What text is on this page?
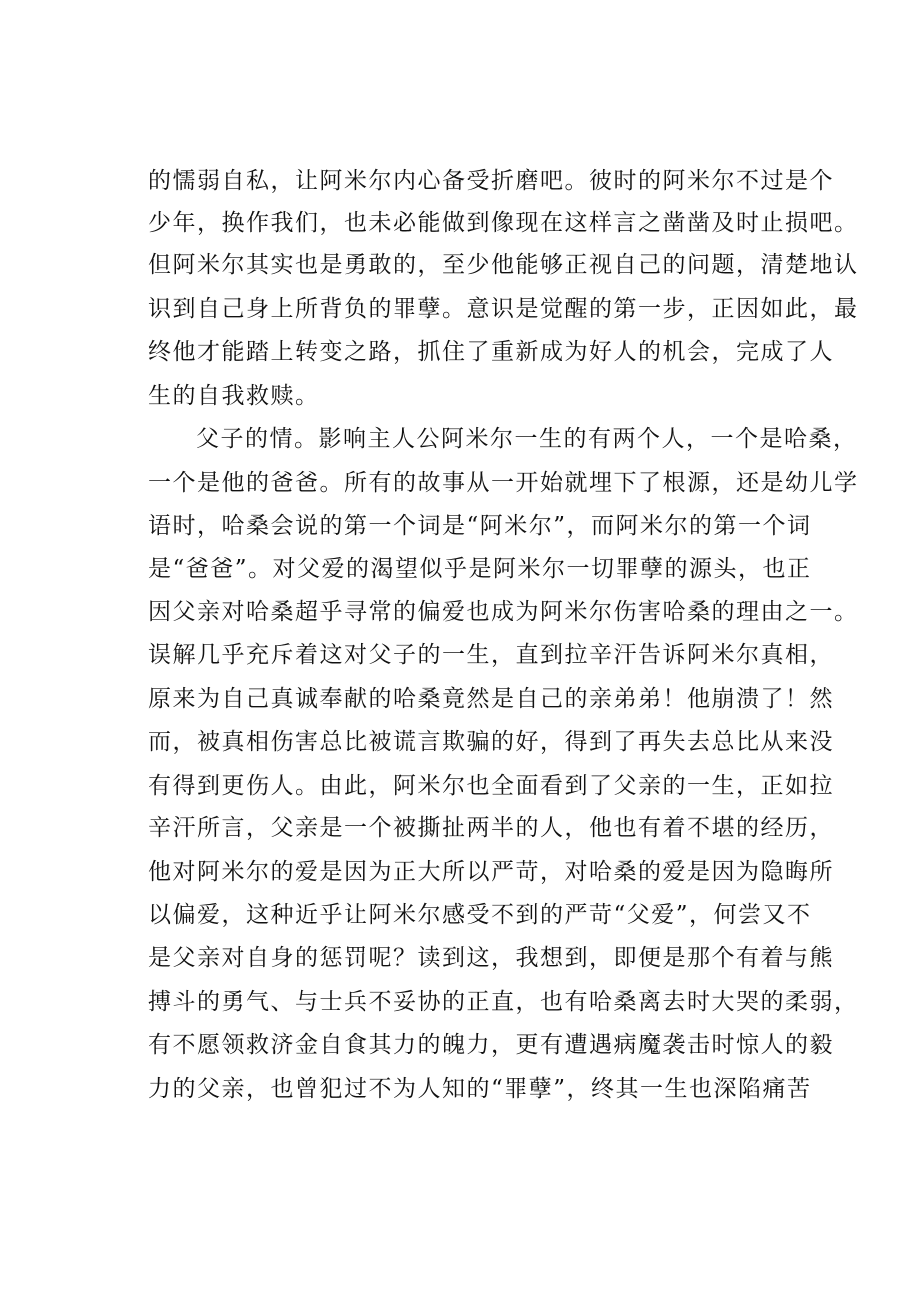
的懦弱自私，让阿米尔内心备受折磨吧。彼时的阿米尔不过是个
少年，换作我们，也未必能做到像现在这样言之凿凿及时止损吧。
但阿米尔其实也是勇敢的，至少他能够正视自己的问题，清楚地认
识到自己身上所背负的罪孽。意识是觉醒的第一步，正因如此，最
终他才能踏上转变之路，抓住了重新成为好人的机会，完成了人
生的自我救赎。
父子的情。影响主人公阿米尔一生的有两个人，一个是哈桑，
一个是他的爸爸。所有的故事从一开始就埋下了根源，还是幼儿学
语时，哈桑会说的第一个词是“阿米尔”，而阿米尔的第一个词
是“爸爸”。对父爱的渴望似乎是阿米尔一切罪孽的源头，也正
因父亲对哈桑超乎寻常的偏爱也成为阿米尔伤害哈桑的理由之一。
误解几乎充斥着这对父子的一生，直到拉辛汗告诉阿米尔真相，
原来为自己真诚奉献的哈桑竟然是自己的亲弟弟！他崩溃了！然
而，被真相伤害总比被谎言欺骗的好，得到了再失去总比从来没
有得到更伤人。由此，阿米尔也全面看到了父亲的一生，正如拉
辛汗所言，父亲是一个被撕扯两半的人，他也有着不堪的经历，
他对阿米尔的爱是因为正大所以严苛，对哈桑的爱是因为隐晦所
以偏爱，这种近乎让阿米尔感受不到的严苛“父爱”，何尝又不
是父亲对自身的惩罚呢？读到这，我想到，即便是那个有着与熊
搏斗的勇气、与士兵不妥协的正直，也有哈桑离去时大哭的柔弱，
有不愿领救济金自食其力的魄力，更有遭遇病魔袭击时惊人的毅
力的父亲，也曾犯过不为人知的“罪孽”，终其一生也深陷痛苦
